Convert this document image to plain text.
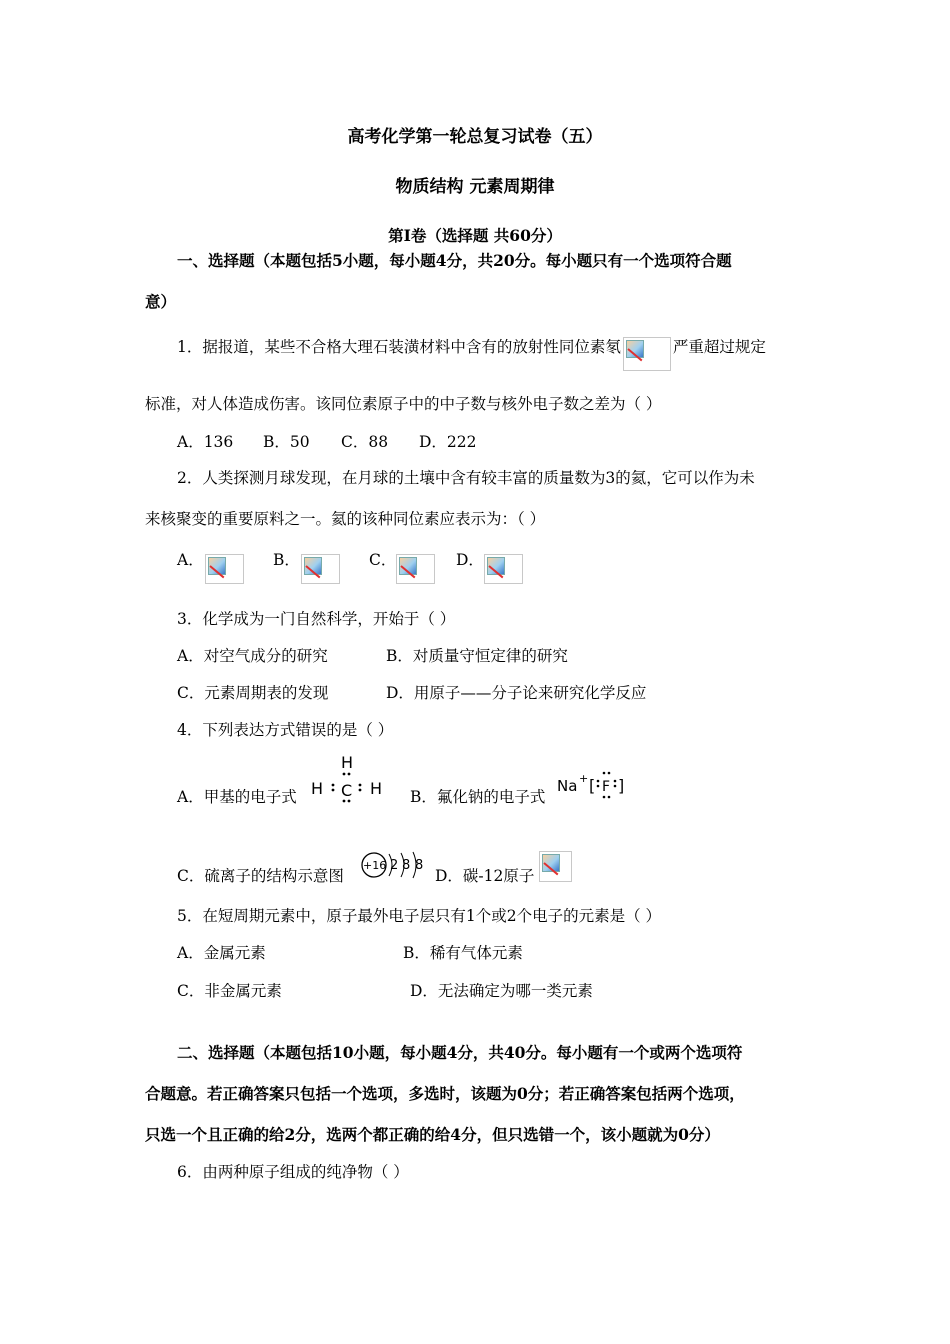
高考化学第一轮总复习试卷（五）
物质结构 元素周期律
第Ⅰ卷（选择题 共60分）
一、选择题（本题包括5小题，每小题4分，共20分。每小题只有一个选项符合题
意）
1．据报道，某些不合格大理石装潢材料中含有的放射性同位素氡	严重超过规定
标准，对人体造成伤害。该同位素原子中的中子数与核外电子数之差为（ ）
A．136 B．50 C．88 D．222
2．人类探测月球发现，在月球的土壤中含有较丰富的质量数为3的氦，它可以作为未
来核聚变的重要原料之一。氦的该种同位素应表示为：（ ）
A．	B．	C．	D．
3．化学成为一门自然科学，开始于（ ）
A．对空气成分的研究	B．对质量守恒定律的研究
C．元素周期表的发现	D．用原子——分子论来研究化学反应
4．下列表达方式错误的是（ ）
A．甲基的电子式
H
H C H B．氟化钠的电子式
Na + [ F ]
C．硫离子的结构示意图
+16 2 8 8
D．碳-12原子
5．在短周期元素中，原子最外电子层只有1个或2个电子的元素是（ ）
A．金属元素	B．稀有气体元素
C．非金属元素	D．无法确定为哪一类元素
二、选择题（本题包括10小题，每小题4分，共40分。每小题有一个或两个选项符
合题意。若正确答案只包括一个选项，多选时，该题为0分；若正确答案包括两个选项，
只选一个且正确的给2分，选两个都正确的给4分，但只选错一个，该小题就为0分）
6．由两种原子组成的纯净物（ ）
